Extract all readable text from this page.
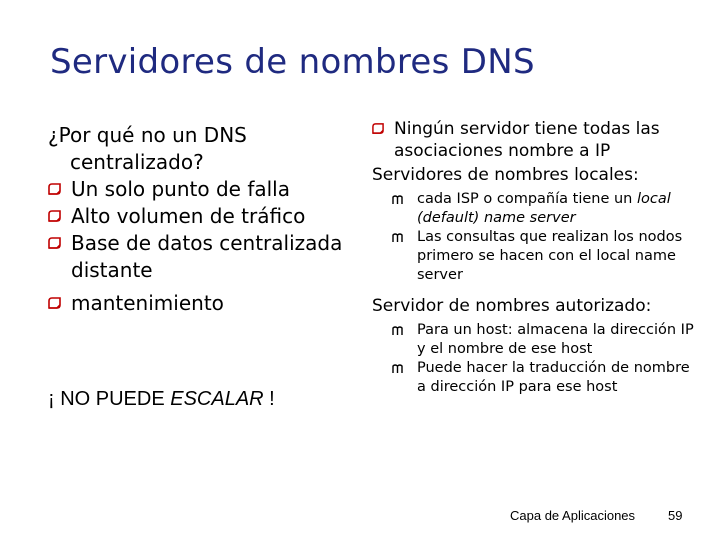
Servidores de nombres DNS
¿Por qué no un DNS
centralizado?
Un solo punto de falla
Alto volumen de tráfico
Base de datos centralizada distante
mantenimiento
¡ NO PUEDE ESCALAR !
Ningún servidor tiene todas las asociaciones nombre a IP
Servidores de nombres locales:
cada ISP o compañía tiene un local (default) name server
Las consultas que realizan los nodos primero se hacen con el local name server
Servidor de nombres autorizado:
Para un host: almacena la dirección IP y el nombre de ese host
Puede hacer la traducción de nombre a dirección IP para ese host
Capa de Aplicaciones	59
